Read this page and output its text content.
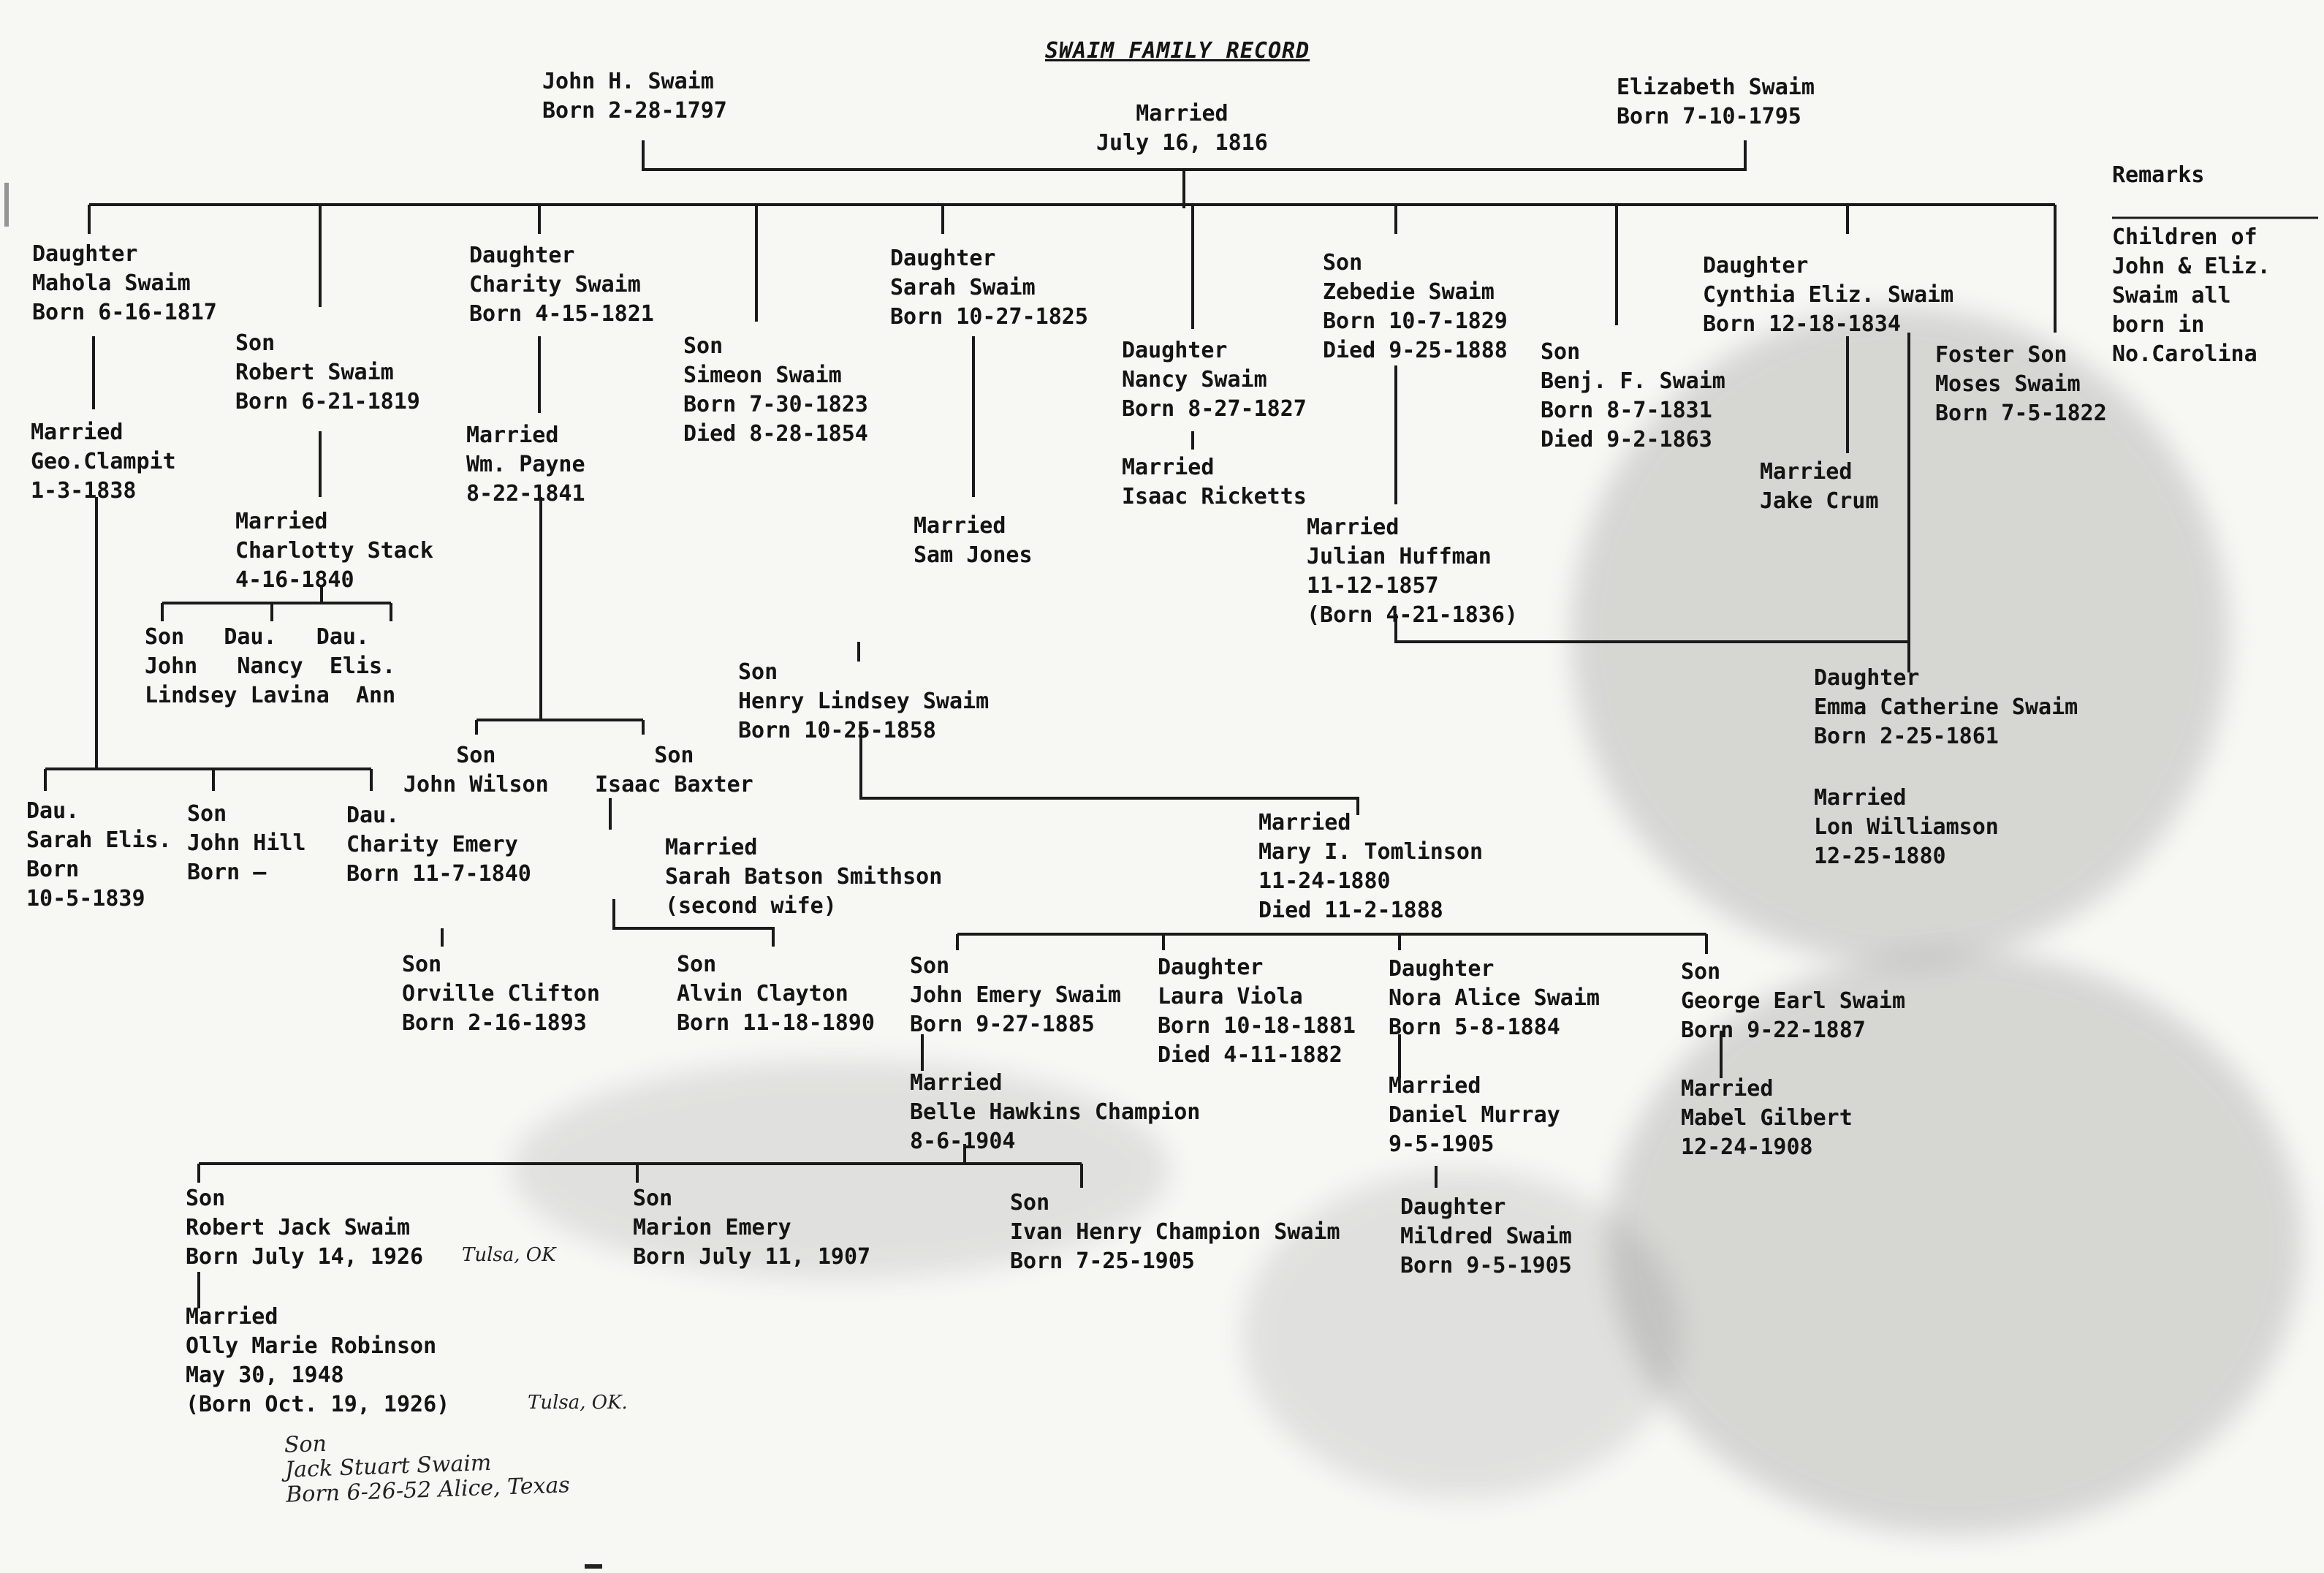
SWAIM FAMILY RECORD
John H. Swaim
Born 2-28-1797
Elizabeth Swaim
Born 7-10-1795
Married
July 16, 1816
Remarks
Children of
John & Eliz.
Swaim all
born in
No.Carolina
Daughter
Mahola Swaim
Born 6-16-1817
Married
Geo.Clampit
1-3-1838
Son
Robert Swaim
Born 6-21-1819
Married
Charlotty Stack
4-16-1840
Daughter
Charity Swaim
Born 4-15-1821
Married
Wm. Payne
8-22-1841
Son
Simeon Swaim
Born 7-30-1823
Died 8-28-1854
Daughter
Sarah Swaim
Born 10-27-1825
Married
Sam Jones
Daughter
Nancy Swaim
Born 8-27-1827
Married
Isaac Ricketts
Son
Zebedie Swaim
Born 10-7-1829
Died 9-25-1888
Married
Julian Huffman
11-12-1857
(Born 4-21-1836)
Son
Benj. F. Swaim
Born 8-7-1831
Died 9-2-1863
Daughter
Cynthia Eliz. Swaim
Born 12-18-1834
Married
Jake Crum
Foster Son
Moses Swaim
Born 7-5-1822
Son   Dau.   Dau.
John   Nancy  Elis.
Lindsey Lavina  Ann
Dau.
Sarah Elis.
Born
10-5-1839
Son
John Hill
Born —
Dau.
Charity Emery
Born 11-7-1840
Son
John Wilson
Son
Isaac Baxter
Son
Henry Lindsey Swaim
Born 10-25-1858
Daughter
Emma Catherine Swaim
Born 2-25-1861
Married
Lon Williamson
12-25-1880
Married
Sarah Batson Smithson
(second wife)
Married
Mary I. Tomlinson
11-24-1880
Died 11-2-1888
Son
Orville Clifton
Born 2-16-1893
Son
Alvin Clayton
Born 11-18-1890
Son
John Emery Swaim
Born 9-27-1885
Married
Belle Hawkins Champion
8-6-1904
Daughter
Laura Viola
Born 10-18-1881
Died 4-11-1882
Daughter
Nora Alice Swaim
Born 5-8-1884
Married
Daniel Murray
9-5-1905
Son
George Earl Swaim
Born 9-22-1887
Married
Mabel Gilbert
12-24-1908
Son
Robert Jack Swaim
Born July 14, 1926 Tulsa, OK
Married
Olly Marie Robinson
May 30, 1948
(Born Oct. 19, 1926)	Tulsa, OK.
Son
Marion Emery
Born July 11, 1907
Son
Ivan Henry Champion Swaim
Born 7-25-1905
Daughter
Mildred Swaim
Born 9-5-1905
Son
Jack Stuart Swaim
Born 6-26-52 Alice, Texas
